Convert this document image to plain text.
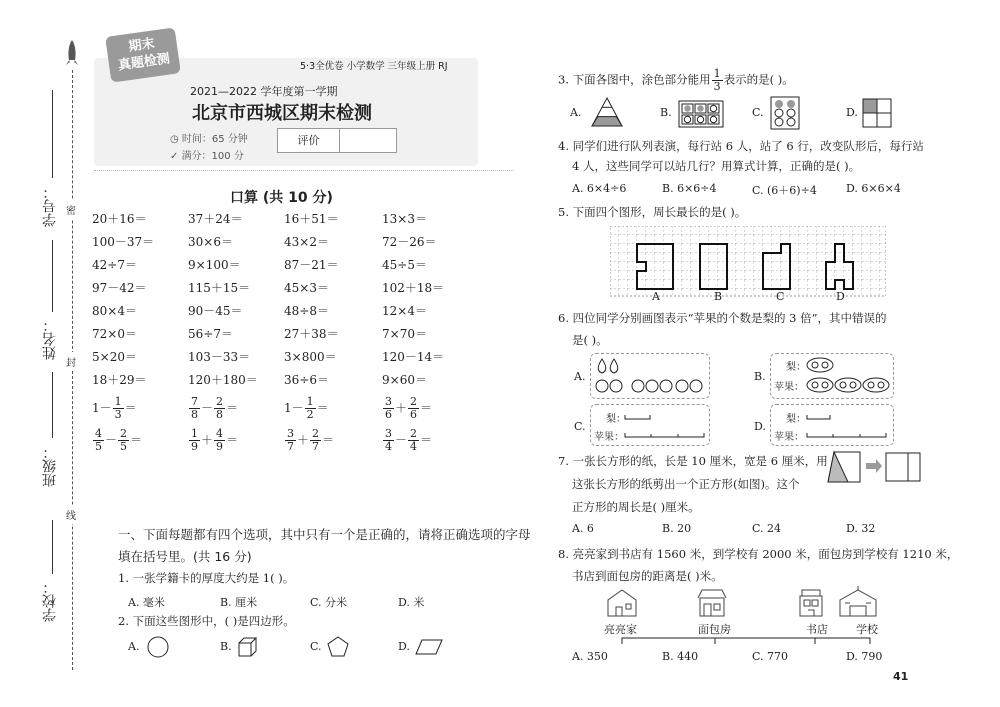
密
封
线
学号：
姓名：
班级：
学校：
期末
真题检测	5·3全优卷 小学数学 三年级上册 RJ
2021—2022 学年度第一学期
北京市西城区期末检测
◷ 时间：65 分钟
✓ 满分：100 分
评价
口算 (共 10 分)
20＋16＝	37＋24＝	16＋51＝	13×3＝
100－37＝	30×6＝	43×2＝	72－26＝
42÷7＝	9×100＝	87－21＝	45÷5＝
97－42＝	115＋15＝	45×3＝	102＋18＝
80×4＝	90－45＝	48÷8＝	12×4＝
72×0＝	56÷7＝	27＋38＝	7×70＝
5×20＝	103－33＝	3×800＝	120－14＝
18＋29＝	120＋180＝ 36÷6＝	9×60＝
$1- \frac{1}{3}$ ＝	$\frac{7}{8} - \frac{2}{8}$ ＝	$1- \frac{1}{2}$ ＝	$\frac{3}{6} + \frac{2}{6}$ ＝
$\frac{4}{5} - \frac{2}{5}$ ＝	$\frac{1}{9} + \frac{4}{9}$ ＝	$\frac{3}{7} + \frac{2}{7}$ ＝	$\frac{3}{4} - \frac{2}{4}$ ＝
一、下面每题都有四个选项，其中只有一个是正确的，请将正确选项的字母
填在括号里。(共 16 分)
1. 一张学籍卡的厚度大约是 1( )。
A. 毫米	B. 厘米	C. 分米	D. 米
2. 下面这些图形中，( )是四边形。
A.	B.	C.	D.
3. 下面各图中，涂色部分能用 $\frac{1}{3}$ 表示的是( )。
A.	B.	C.	D.
4. 同学们进行队列表演，每行站 6 人，站了 6 行，改变队形后，每行站
4 人，这些同学可以站几行？用算式计算，正确的是( )。
A. 6×4÷6	B. 6×6÷4	C. (6＋6)÷4	D. 6×6×4
5. 下面四个图形，周长最长的是( )。
A	B	C	D
6. 四位同学分别画图表示“苹果的个数是梨的 3 倍”，其中错误的
是( )。
A.	B.
梨：
苹果：
C.
梨：
苹果：
D.
梨：
苹果：
7. 一张长方形的纸，长是 10 厘米，宽是 6 厘米，用
这张长方形的纸剪出一个正方形(如图)。这个
正方形的周长是( )厘米。
A. 6	B. 20	C. 24	D. 32
8. 亮亮家到书店有 1560 米，到学校有 2000 米，面包房到学校有 1210 米，
书店到面包房的距离是( )米。
亮亮家	面包房	书店	学校
A. 350	B. 440	C. 770	D. 790
41
